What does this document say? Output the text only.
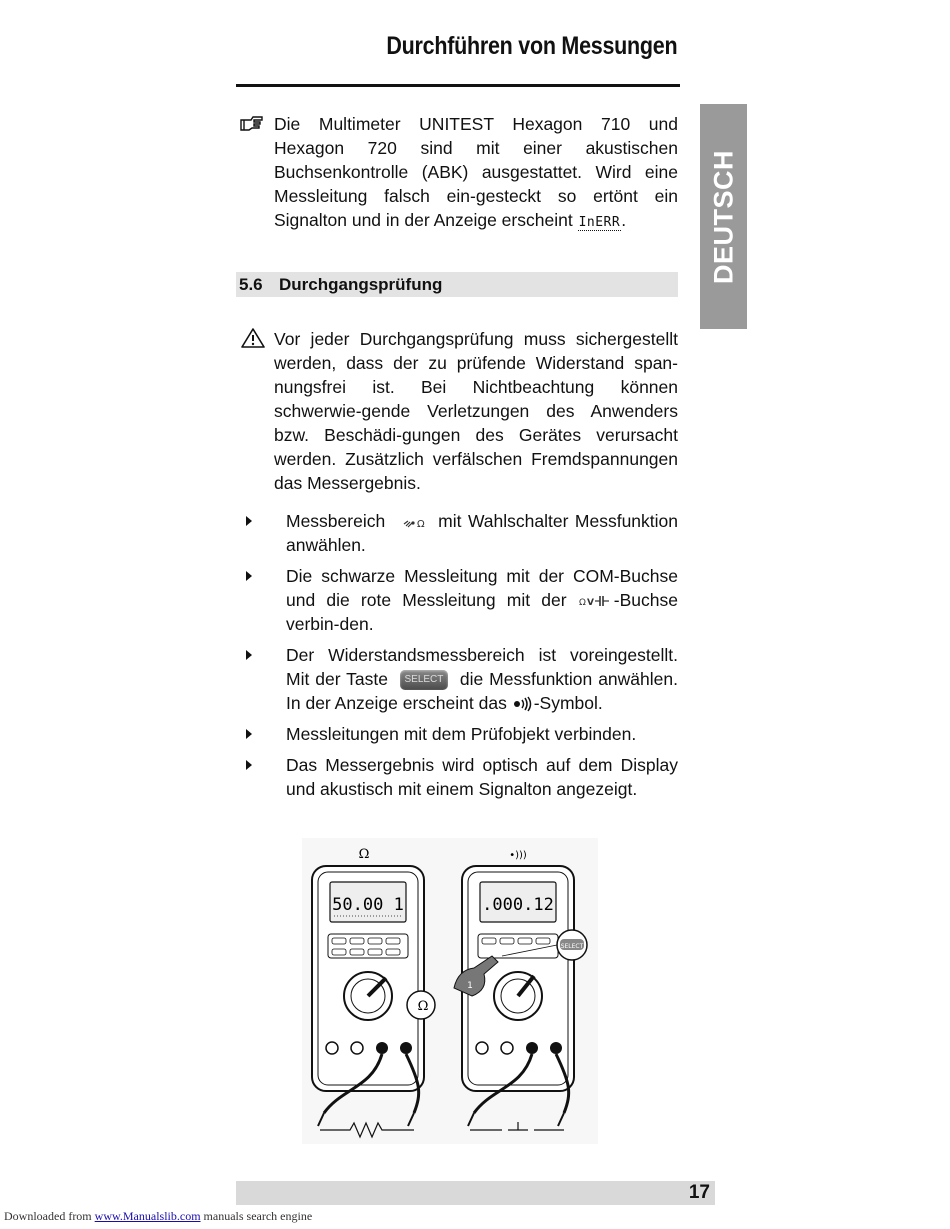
Durchführen von Messungen
DEUTSCH
Die Multimeter UNITEST Hexagon 710 und Hexagon 720 sind mit einer akustischen Buchsenkontrolle (ABK) ausgestattet. Wird eine Messleitung falsch ein-gesteckt so ertönt ein Signalton und in der Anzeige erscheint InERR.
5.6 Durchgangsprüfung
Vor jeder Durchgangsprüfung muss sichergestellt werden, dass der zu prüfende Widerstand span-nungsfrei ist. Bei Nichtbeachtung können schwerwie-gende Verletzungen des Anwenders bzw. Beschädi-gungen des Gerätes verursacht werden. Zusätzlich verfälschen Fremdspannungen das Messergebnis.
Messbereich	Ω mit Wahlschalter Messfunktion anwählen.
Die schwarze Messleitung mit der COM-Buchse und die rote Messleitung mit der Ω V -Buchse verbin-den.
Der Widerstandsmessbereich ist voreingestellt. Mit der Taste SELECT die Messfunktion anwählen. In der Anzeige erscheint das -Symbol.
Messleitungen mit dem Prüfobjekt verbinden.
Das Messergebnis wird optisch auf dem Display und akustisch mit einem Signalton angezeigt.
Ω
50.00 1
Ω
•)))
.000.12
SELECT
1
17
Downloaded from www.Manualslib.com manuals search engine
